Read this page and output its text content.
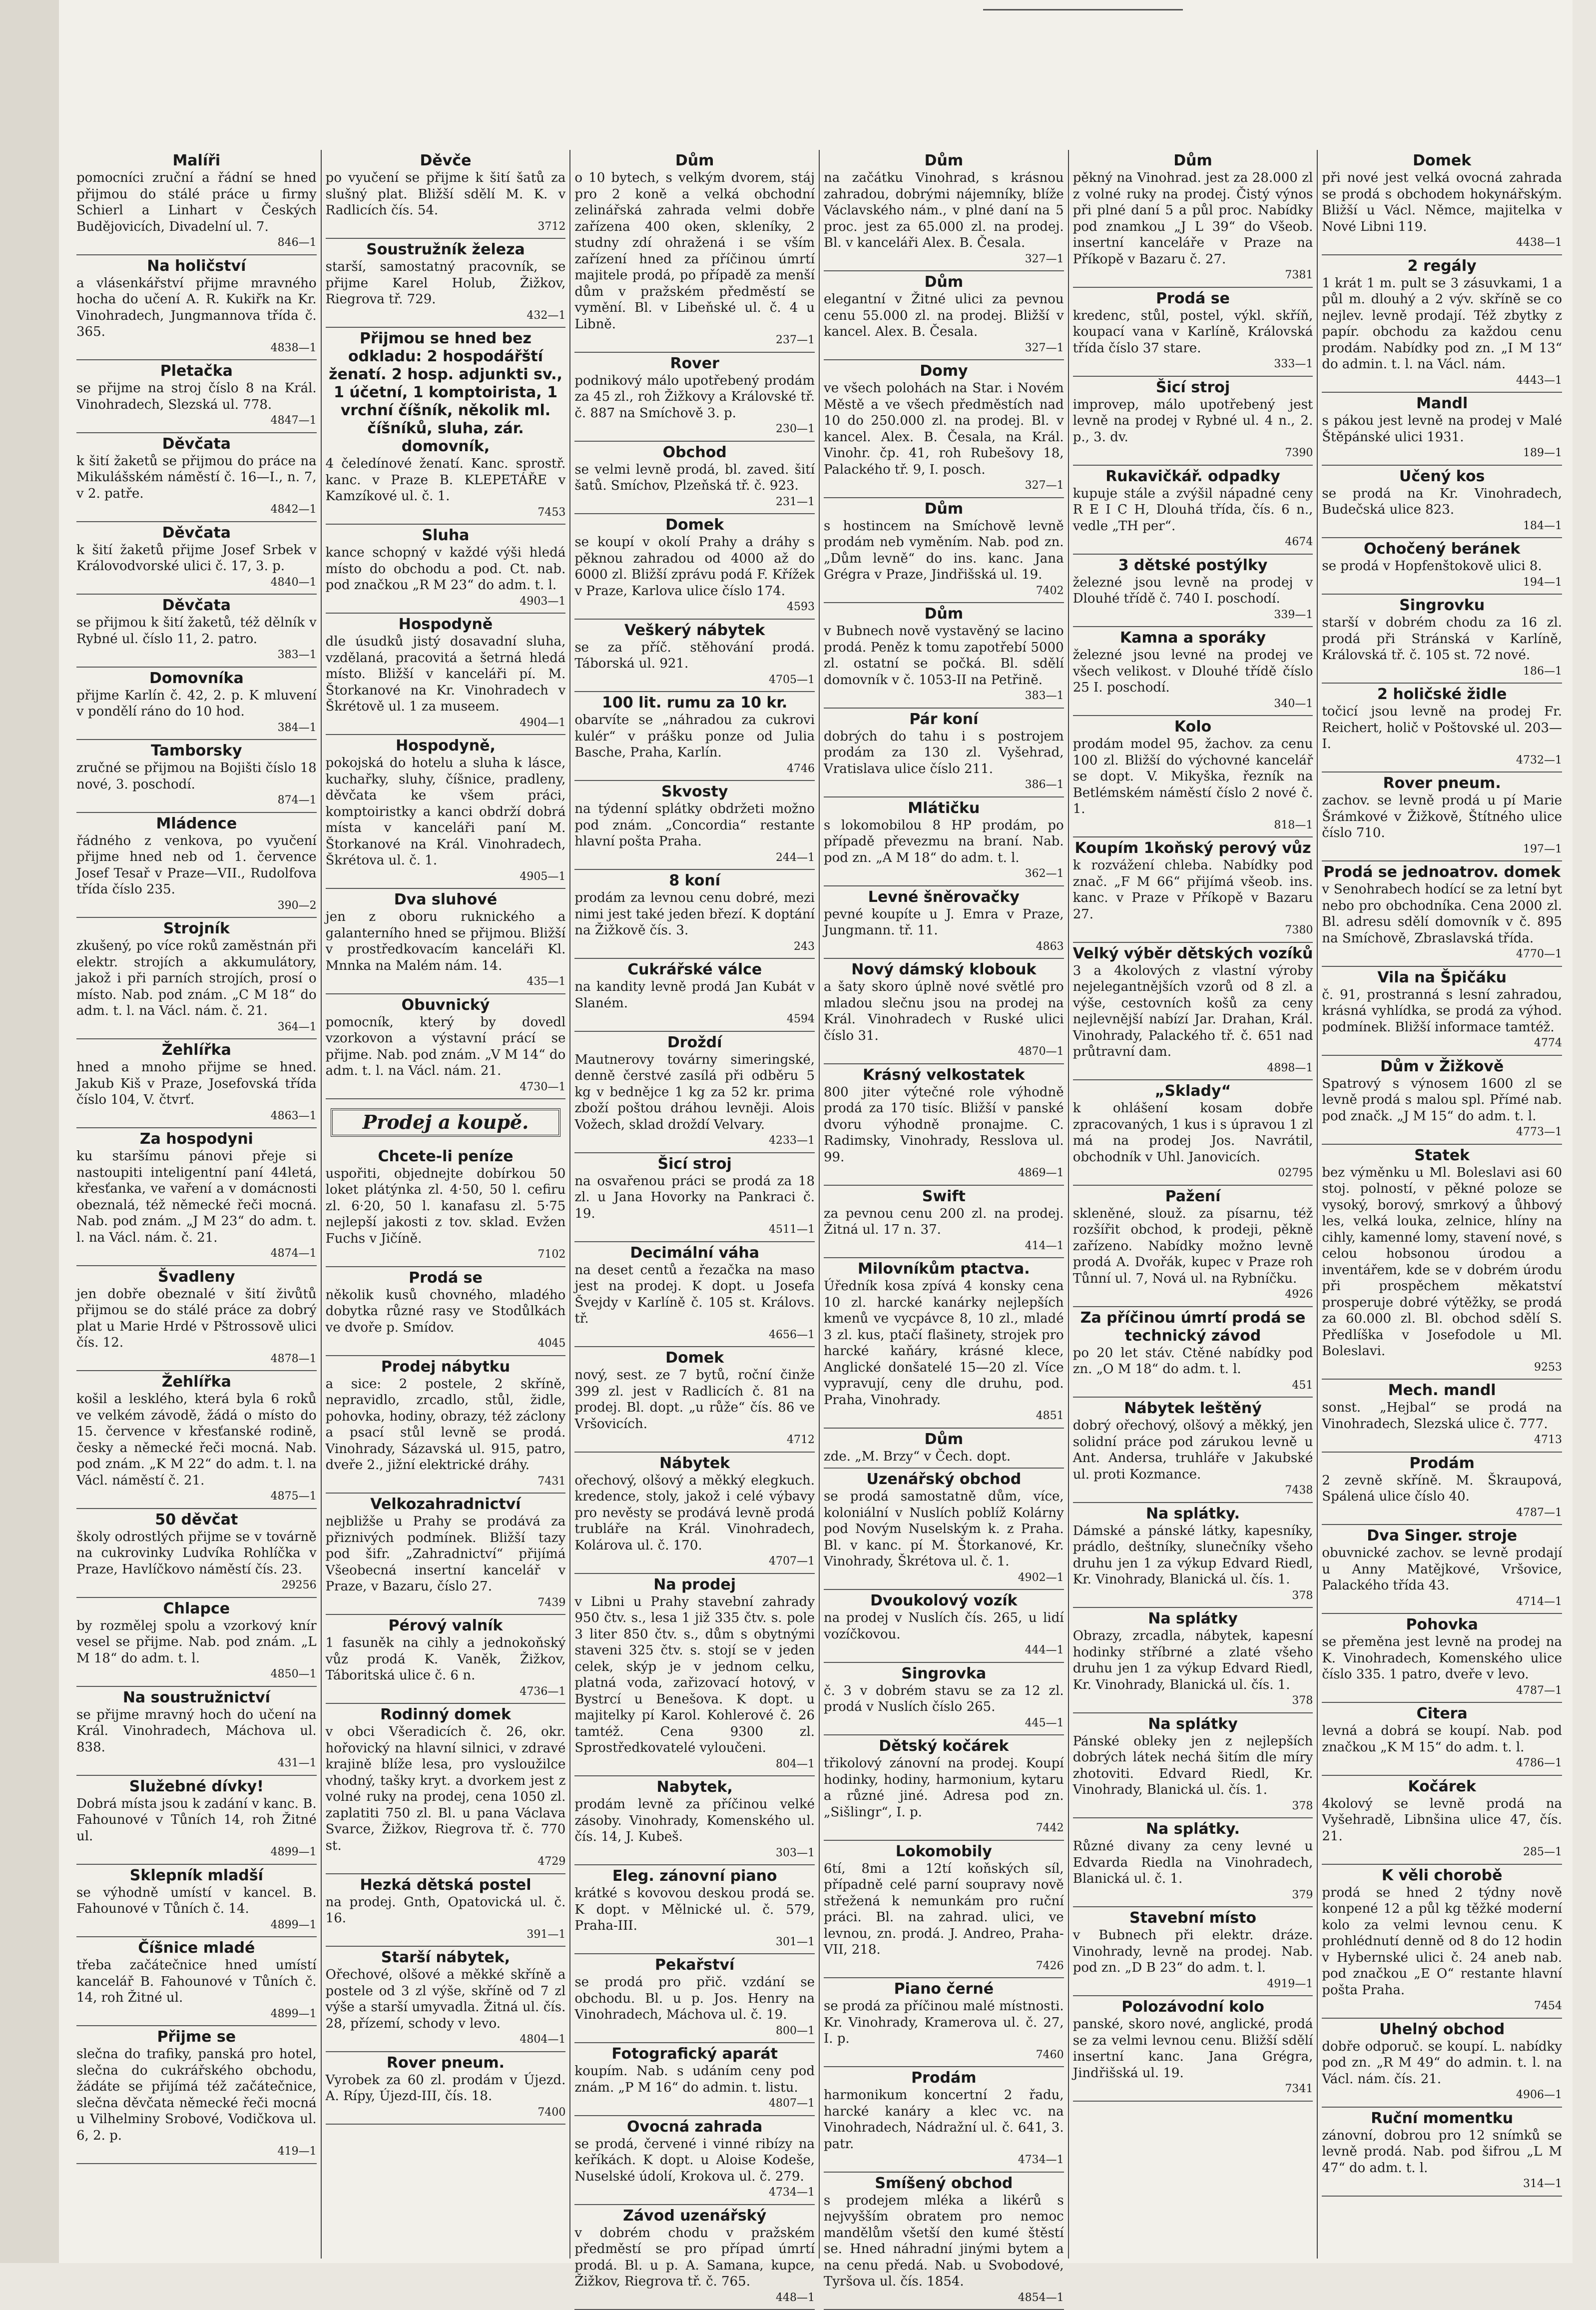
Malíři
pomocníci zruční a řádní se hned přijmou do stálé práce u firmy Schierl a Linhart v Českých Budějovicích, Divadelní ul. 7.
846—1
Na holičství
a vlásenkářství přijme mravného hocha do učení A. R. Kukiřk na Kr. Vinohradech, Jungmannova třída č. 365.
4838—1
Pletačka
se přijme na stroj číslo 8 na Král. Vinohradech, Slezská ul. 778.
4847—1
Děvčata
k šití žaketů se přijmou do práce na Mikulášském náměstí č. 16—I., n. 7, v 2. patře.
4842—1
Děvčata
k šití žaketů přijme Josef Srbek v Královodvorské ulici č. 17, 3. p.
4840—1
Děvčata
se přijmou k šití žaketů, též dělník v Rybné ul. číslo 11, 2. patro.
383—1
Domovníka
přijme Karlín č. 42, 2. p. K mluvení v pondělí ráno do 10 hod.
384—1
Tamborsky
zručné se přijmou na Bojišti číslo 18 nové, 3. poschodí.
874—1
Mládence
řádného z venkova, po vyučení přijme hned neb od 1. července Josef Tesař v Praze—VII., Rudolfova třída číslo 235.
390—2
Strojník
zkušený, po více roků zaměstnán při elektr. strojích a akkumulátory, jakož i při parních strojích, prosí o místo. Nab. pod znám. „C M 18“ do adm. t. l. na Václ. nám. č. 21.
364—1
Žehlířka
hned a mnoho přijme se hned. Jakub Kiš v Praze, Josefovská třída číslo 104, V. čtvrť.
4863—1
Za hospodyni
ku staršímu pánovi přeje si nastoupiti inteligentní paní 44letá, křesťanka, ve vaření a v domácnosti obeznalá, též německé řeči mocná. Nab. pod znám. „J M 23“ do adm. t. l. na Václ. nám. č. 21.
4874—1
Švadleny
jen dobře obeznalé v šití živůtů přijmou se do stálé práce za dobrý plat u Marie Hrdé v Pštrossově ulici čís. 12.
4878—1
Žehlířka
košil a lesklého, která byla 6 roků ve velkém závodě, žádá o místo do 15. července v křesťanské rodině, česky a německé řeči mocná. Nab. pod znám. „K M 22“ do adm. t. l. na Václ. náměstí č. 21.
4875—1
50 děvčat
školy odrostlých přijme se v továrně na cukrovinky Ludvíka Rohlíčka v Praze, Havlíčkovo náměstí čís. 23.
29256
Chlapce
by rozmělej spolu a vzorkový knír vesel se přijme. Nab. pod znám. „L M 18“ do adm. t. l.
4850—1
Na soustružnictví
se přijme mravný hoch do učení na Král. Vinohradech, Máchova ul. 838.
431—1
Služebné dívky!
Dobrá místa jsou k zadání v kanc. B. Fahounové v Tůních 14, roh Žitné ul.
4899—1
Sklepník mladší
se výhodně umístí v kancel. B. Fahounové v Tůních č. 14.
4899—1
Číšnice mladé
třeba začátečnice hned umístí kancelář B. Fahounové v Tůních č. 14, roh Žitné ul.
4899—1
Přijme se
slečna do trafiky, panská pro hotel, slečna do cukrářského obchodu, žádáte se přijímá též začátečnice, slečna děvčata německé řeči mocná u Vilhelminy Srobové, Vodičkova ul. 6, 2. p.
419—1
Děvče
po vyučení se přijme k šití šatů za slušný plat. Bližší sdělí M. K. v Radlicích čís. 54.
3712
Soustružník železa
starší, samostatný pracovník, se přijme Karel Holub, Žižkov, Riegrova tř. 729.
432—1
Přijmou se hned bez odkladu: 2 hospodářští ženatí. 2 hosp. adjunkti sv., 1 účetní, 1 komptoirista, 1 vrchní číšník, několik ml. číšníků, sluha, zár. domovník,
4 čeledínové ženatí. Kanc. sprostř. kanc. v Praze B. KLEPETÁŘE v Kamzíkové ul. č. 1.
7453
Sluha
kance schopný v každé výši hledá místo do obchodu a pod. Ct. nab. pod značkou „R M 23“ do adm. t. l.
4903—1
Hospodyně
dle úsudků jistý dosavadní sluha, vzdělaná, pracovitá a šetrná hledá místo. Bližší v kanceláři pí. M. Štorkanové na Kr. Vinohradech v Škrétově ul. 1 za museem.
4904—1
Hospodyně,
pokojská do hotelu a sluha k lásce, kuchařky, sluhy, číšnice, pradleny, děvčata ke všem práci, komptoiristky a kanci obdrží dobrá místa v kanceláři paní M. Štorkanové na Král. Vinohradech, Škrétova ul. č. 1.
4905—1
Dva sluhové
jen z oboru ruknického a galanterního hned se přijmou. Bližší v prostředkovacím kanceláři Kl. Mnnka na Malém nám. 14.
435—1
Obuvnický
pomocník, který by dovedl vzorkovon a výstavní prácí se přijme. Nab. pod znám. „V M 14“ do adm. t. l. na Václ. nám. 21.
4730—1
Prodej a koupě.
Chcete-li peníze
uspořiti, objednejte dobírkou 50 loket plátýnka zl. 4·50, 50 l. cefiru zl. 6·20, 50 l. kanafasu zl. 5·75 nejlepší jakosti z tov. sklad. Evžen Fuchs v Jičíně.
7102
Prodá se
několik kusů chovného, mladého dobytka různé rasy ve Stodůlkách ve dvoře p. Smídov.
4045
Prodej nábytku
a sice: 2 postele, 2 skříně, nepravidlo, zrcadlo, stůl, židle, pohovka, hodiny, obrazy, též záclony a psací stůl levně se prodá. Vinohrady, Sázavská ul. 915, patro, dveře 2., jižní elektrické dráhy.
7431
Velkozahradnictví
nejbližše u Prahy se prodává za přiznivých podmínek. Bližší tazy pod šifr. „Zahradnictví“ přijímá Všeobecná insertní kancelář v Praze, v Bazaru, číslo 27.
7439
Pérový valník
1 fasuněk na cihly a jednokoňský vůz prodá K. Vaněk, Žižkov, Táboritská ulice č. 6 n.
4736—1
Rodinný domek
v obci Všeradicích č. 26, okr. hořovický na hlavní silnici, v zdravé krajině blíže lesa, pro vysloužilce vhodný, tašky kryt. a dvorkem jest z volné ruky na prodej, cena 1050 zl. zaplatiti 750 zl. Bl. u pana Václava Svarce, Žižkov, Riegrova tř. č. 770 st.
4729
Hezká dětská postel
na prodej. Gnth, Opatovická ul. č. 16.
391—1
Starší nábytek,
Ořechové, olšové a měkké skříně a postele od 3 zl výše, skříně od 7 zl výše a starší umyvadla. Žitná ul. čís. 28, přízemí, schody v levo.
4804—1
Rover pneum.
Vyrobek za 60 zl. prodám v Újezd. A. Rípy, Újezd-III, čís. 18.
7400
Dům
o 10 bytech, s velkým dvorem, stáj pro 2 koně a velká obchodní zelinářská zahrada velmi dobře zařízena 400 oken, skleníky, 2 studny zdí ohražená i se vším zařízení hned za příčinou úmrtí majitele prodá, po případě za menší dům v pražském předměstí se vymění. Bl. v Libeňské ul. č. 4 u Libně.
237—1
Rover
podnikový málo upotřebený prodám za 45 zl., roh Žižkovy a Královské tř. č. 887 na Smíchově 3. p.
230—1
Obchod
se velmi levně prodá, bl. zaved. šití šatů. Smíchov, Plzeňská tř. č. 923.
231—1
Domek
se koupí v okolí Prahy a dráhy s pěknou zahradou od 4000 až do 6000 zl. Bližší zprávu podá F. Křížek v Praze, Karlova ulice číslo 174.
4593
Veškerý nábytek
se za příč. stěhování prodá. Táborská ul. 921.
4705—1
100 lit. rumu za 10 kr.
obarvíte se „náhradou za cukrovi kulér“ v prášku ponze od Julia Basche, Praha, Karlín.
4746
Skvosty
na týdenní splátky obdržeti možno pod znám. „Concordia“ restante hlavní pošta Praha.
244—1
8 koní
prodám za levnou cenu dobré, mezi nimi jest také jeden březí. K doptání na Žižkově čís. 3.
243
Cukrářské válce
na kandity levně prodá Jan Kubát v Slaném.
4594
Droždí
Mautnerovy továrny simeringské, denně čerstvé zasílá při odběru 5 kg v bednějce 1 kg za 52 kr. prima zboží poštou dráhou levněji. Alois Vožech, sklad droždí Velvary.
4233—1
Šicí stroj
na osvařenou práci se prodá za 18 zl. u Jana Hovorky na Pankraci č. 19.
4511—1
Decimální váha
na deset centů a řezačka na maso jest na prodej. K dopt. u Josefa Švejdy v Karlíně č. 105 st. Královs. tř.
4656—1
Domek
nový, sest. ze 7 bytů, roční činže 399 zl. jest v Radlicích č. 81 na prodej. Bl. dopt. „u růže“ čís. 86 ve Vršovicích.
4712
Nábytek
ořechový, olšový a měkký elegkuch. kredence, stoly, jakož i celé výbavy pro nevěsty se prodává levně prodá trubláře na Král. Vinohradech, Kolárova ul. č. 170.
4707—1
Na prodej
v Libni u Prahy stavební zahrady 950 čtv. s., lesa 1 již 335 čtv. s. pole 3 liter 850 čtv. s., dům s obytnými staveni 325 čtv. s. stojí se v jeden celek, skýp je v jednom celku, platná voda, zařizovací hotový, v Bystrcí u Benešova. K dopt. u majitelky pí Karol. Kohlerové č. 26 tamtéž. Cena 9300 zl. Sprostředkovatelé vyloučeni.
804—1
Nabytek,
prodám levně za příčinou velké zásoby. Vinohrady, Komenského ul. čís. 14, J. Kubeš.
303—1
Eleg. zánovní piano
krátké s kovovou deskou prodá se. K dopt. v Mělnické ul. č. 579, Praha-III.
301—1
Pekařství
se prodá pro přič. vzdání se obchodu. Bl. u p. Jos. Henry na Vinohradech, Máchova ul. č. 19.
800—1
Fotografický aparát
koupím. Nab. s udáním ceny pod znám. „P M 16“ do admin. t. listu.
4807—1
Ovocná zahrada
se prodá, červené i vinné ribízy na keříkách. K dopt. u Aloise Kodeše, Nuselské údolí, Krokova ul. č. 279.
4734—1
Závod uzenářský
v dobrém chodu v pražském předměstí se pro případ úmrtí prodá. Bl. u p. A. Samana, kupce, Žižkov, Riegrova tř. č. 765.
448—1
Dům
na začátku Vinohrad, s krásnou zahradou, dobrými nájemníky, blíže Václavského nám., v plné daní na 5 proc. jest za 65.000 zl. na prodej. Bl. v kanceláři Alex. B. Česala.
327—1
Dům
elegantní v Žitné ulici za pevnou cenu 55.000 zl. na prodej. Bližší v kancel. Alex. B. Česala.
327—1
Domy
ve všech polohách na Star. i Novém Městě a ve všech předměstích nad 10 do 250.000 zl. na prodej. Bl. v kancel. Alex. B. Česala, na Král. Vinohr. čp. 41, roh Rubešovy 18, Palackého tř. 9, I. posch.
327—1
Dům
s hostincem na Smíchově levně prodám neb vyměním. Nab. pod zn. „Dům levně“ do ins. kanc. Jana Grégra v Praze, Jindřišská ul. 19.
7402
Dům
v Bubnech nově vystavěný se lacino prodá. Peněz k tomu zapotřebí 5000 zl. ostatní se počká. Bl. sdělí domovník v č. 1053-II na Petřině.
383—1
Pár koní
dobrých do tahu i s postrojem prodám za 130 zl. Vyšehrad, Vratislava ulice číslo 211.
386—1
Mlátičku
s lokomobilou 8 HP prodám, po případě převezmu na braní. Nab. pod zn. „A M 18“ do adm. t. l.
362—1
Levné šněrovačky
pevné koupíte u J. Emra v Praze, Jungmann. tř. 11.
4863
Nový dámský klobouk
a šaty skoro úplně nové světlé pro mladou slečnu jsou na prodej na Král. Vinohradech v Ruské ulici číslo 31.
4870—1
Krásný velkostatek
800 jiter výtečné role výhodně prodá za 170 tisíc. Bližší v panské dvoru výhodně pronajme. C. Radimsky, Vinohrady, Resslova ul. 99.
4869—1
Swift
za pevnou cenu 200 zl. na prodej. Žitná ul. 17 n. 37.
414—1
Milovníkům ptactva.
Úředník kosa zpívá 4 konsky cena 10 zl. harcké kanárky nejlepších kmenů ve vycpávce 8, 10 zl., mladé 3 zl. kus, ptačí flašinety, strojek pro harcké kaňáry, krásné klece, Anglické donšatelé 15—20 zl. Více vypravují, ceny dle druhu, pod. Praha, Vinohrady.
4851
Dům
zde. „M. Brzy“ v Čech. dopt.
Uzenářský obchod
se prodá samostatně dům, více, koloniální v Nuslích poblíž Kolárny pod Novým Nuselským k. z Praha. Bl. v kanc. pí M. Štorkanové, Kr. Vinohrady, Škrétova ul. č. 1.
4902—1
Dvoukolový vozík
na prodej v Nuslích čís. 265, u lidí vozíčkovou.
444—1
Singrovka
č. 3 v dobrém stavu se za 12 zl. prodá v Nuslích číslo 265.
445—1
Dětský kočárek
třikolový zánovní na prodej. Koupí hodinky, hodiny, harmonium, kytaru a různé jiné. Adresa pod zn. „Sišlingr“, I. p.
7442
Lokomobily
6tí, 8mi a 12tí koňských síl, případně celé parní soupravy nově střežená k nemunkám pro ruční práci. Bl. na zahrad. ulici, ve levnou, zn. prodá. J. Andreo, Praha-VII, 218.
7426
Piano černé
se prodá za příčinou malé místnosti. Kr. Vinohrady, Kramerova ul. č. 27, I. p.
7460
Prodám
harmonikum koncertní 2 řadu, harcké kanáry a klec vc. na Vinohradech, Nádražní ul. č. 641, 3. patr.
4734—1
Smíšený obchod
s prodejem mléka a likérů s nejvyšším obratem pro nemoc mandělům všetší den kumé štěstí se. Hned náhradní jinými bytem a na cenu předá. Nab. u Svobodové, Tyršova ul. čís. 1854.
4854—1
Dům
pěkný na Vinohrad. jest za 28.000 zl z volné ruky na prodej. Čistý výnos při plné daní 5 a půl proc. Nabídky pod znamkou „J L 39“ do Všeob. insertní kanceláře v Praze na Příkopě v Bazaru č. 27.
7381
Prodá se
kredenc, stůl, postel, výkl. skříň, koupací vana v Karlíně, Královská třída číslo 37 stare.
333—1
Šicí stroj
improvep, málo upotřebený jest levně na prodej v Rybné ul. 4 n., 2. p., 3. dv.
7390
Rukavičkář. odpadky
kupuje stále a zvýšil nápadné ceny R E I C H, Dlouhá třída, čís. 6 n., vedle „TH per“.
4674
3 dětské postýlky
železné jsou levně na prodej v Dlouhé třídě č. 740 I. poschodí.
339—1
Kamna a sporáky
železné jsou levné na prodej ve všech velikost. v Dlouhé třídě číslo 25 I. poschodí.
340—1
Kolo
prodám model 95, žachov. za cenu 100 zl. Bližší do výchovné kancelář se dopt. V. Mikyška, řezník na Betlémském náměstí číslo 2 nové č. 1.
818—1
Koupím 1koňský perový vůz
k rozvážení chleba. Nabídky pod znač. „F M 66“ přijímá všeob. ins. kanc. v Praze v Příkopě v Bazaru 27.
7380
Velký výběr dětských vozíků
3 a 4kolových z vlastní výroby nejelegantnějších vzorů od 8 zl. a výše, cestovních košů za ceny nejlevnější nabízí Jar. Drahan, Král. Vinohrady, Palackého tř. č. 651 nad průtravní dam.
4898—1
„Sklady“
k ohlášení kosam dobře zpracovaných, 1 kus i s úpravou 1 zl má na prodej Jos. Navrátil, obchodník v Uhl. Janovicích.
02795
Pažení
skleněné, slouž. za písarnu, též rozšířit obchod, k prodeji, pěkně zařízeno. Nabídky možno levně prodá A. Dvořák, kupec v Praze roh Tůnní ul. 7, Nová ul. na Rybníčku.
4926
Za příčinou úmrtí prodá se technický závod
po 20 let stáv. Ctěné nabídky pod zn. „O M 18“ do adm. t. l.
451
Nábytek leštěný
dobrý ořechový, olšový a měkký, jen solidní práce pod zárukou levně u Ant. Andersa, truhláře v Jakubské ul. proti Kozmance.
7438
Na splátky.
Dámské a pánské látky, kapesníky, prádlo, deštníky, slunečníky všeho druhu jen 1 za výkup Edvard Riedl, Kr. Vinohrady, Blanická ul. čís. 1.
378
Na splátky
Obrazy, zrcadla, nábytek, kapesní hodinky stříbrné a zlaté všeho druhu jen 1 za výkup Edvard Riedl, Kr. Vinohrady, Blanická ul. čís. 1.
378
Na splátky
Pánské obleky jen z nejlepších dobrých látek nechá šitím dle míry zhotoviti. Edvard Riedl, Kr. Vinohrady, Blanická ul. čís. 1.
378
Na splátky.
Různé divany za ceny levné u Edvarda Riedla na Vinohradech, Blanická ul. č. 1.
379
Stavební místo
v Bubnech při elektr. dráze. Vinohrady, levně na prodej. Nab. pod zn. „D B 23“ do adm. t. l.
4919—1
Polozávodní kolo
panské, skoro nové, anglické, prodá se za velmi levnou cenu. Bližší sdělí insertní kanc. Jana Grégra, Jindřišská ul. 19.
7341
Domek
při nové jest velká ovocná zahrada se prodá s obchodem hokynářským. Bližší u Václ. Němce, majitelka v Nové Libni 119.
4438—1
2 regály
1 krát 1 m. pult se 3 zásuvkami, 1 a půl m. dlouhý a 2 výv. skříně se co nejlev. levně prodají. Též zbytky z papír. obchodu za každou cenu prodám. Nabídky pod zn. „I M 13“ do admin. t. l. na Václ. nám.
4443—1
Mandl
s pákou jest levně na prodej v Malé Štěpánské ulici 1931.
189—1
Učený kos
se prodá na Kr. Vinohradech, Budečská ulice 823.
184—1
Ochočený beránek
se prodá v Hopfenštokově ulici 8.
194—1
Singrovku
starší v dobrém chodu za 16 zl. prodá při Stránská v Karlíně, Královská tř. č. 105 st. 72 nové.
186—1
2 holičské židle
točicí jsou levně na prodej Fr. Reichert, holič v Poštovské ul. 203—I.
4732—1
Rover pneum.
zachov. se levně prodá u pí Marie Šrámkové v Žižkově, Štítného ulice číslo 710.
197—1
Prodá se jednoatrov. domek
v Senohrabech hodící se za letní byt nebo pro obchodníka. Cena 2000 zl. Bl. adresu sdělí domovník v č. 895 na Smíchově, Zbraslavská třída.
4770—1
Vila na Špičáku
č. 91, prostranná s lesní zahradou, krásná vyhlídka, se prodá za výhod. podmínek. Bližší informace tamtéž.
4774
Dům v Žižkově
Spatrový s výnosem 1600 zl se levně prodá s malou spl. Přímé nab. pod značk. „J M 15“ do adm. t. l.
4773—1
Statek
bez výměnku u Ml. Boleslavi asi 60 stoj. polností, v pěkné poloze se vysoký, borový, smrkový a ůhbový les, velká louka, zelnice, hlíny na cihly, kamenné lomy, stavení nové, s celou hobsonou úrodou a inventářem, kde se v dobrém úrodu při prospěchem měkatství prosperuje dobré výtěžky, se prodá za 60.000 zl. Bl. obchod sdělí S. Předlíška v Josefodole u Ml. Boleslavi.
9253
Mech. mandl
sonst. „Hejbal“ se prodá na Vinohradech, Slezská ulice č. 777.
4713
Prodám
2 zevně skříně. M. Škraupová, Spálená ulice číslo 40.
4787—1
Dva Singer. stroje
obuvnické zachov. se levně prodají u Anny Matějkové, Vršovice, Palackého třída 43.
4714—1
Pohovka
se přeměna jest levně na prodej na K. Vinohradech, Komenského ulice číslo 335. 1 patro, dveře v levo.
4787—1
Citera
levná a dobrá se koupí. Nab. pod značkou „K M 15“ do adm. t. l.
4786—1
Kočárek
4kolový se levně prodá na Vyšehradě, Libnšina ulice 47, čís. 21.
285—1
K věli chorobě
prodá se hned 2 týdny nově konpené 12 a půl kg těžké moderní kolo za velmi levnou cenu. K prohlédnutí denně od 8 do 12 hodin v Hybernské ulici č. 24 aneb nab. pod značkou „E O“ restante hlavní pošta Praha.
7454
Uhelný obchod
dobře odporuč. se koupí. L. nabídky pod zn. „R M 49“ do admin. t. l. na Václ. nám. čís. 21.
4906—1
Ruční momentku
zánovní, dobrou pro 12 snímků se levně prodá. Nab. pod šifrou „L M 47“ do adm. t. l.
314—1
